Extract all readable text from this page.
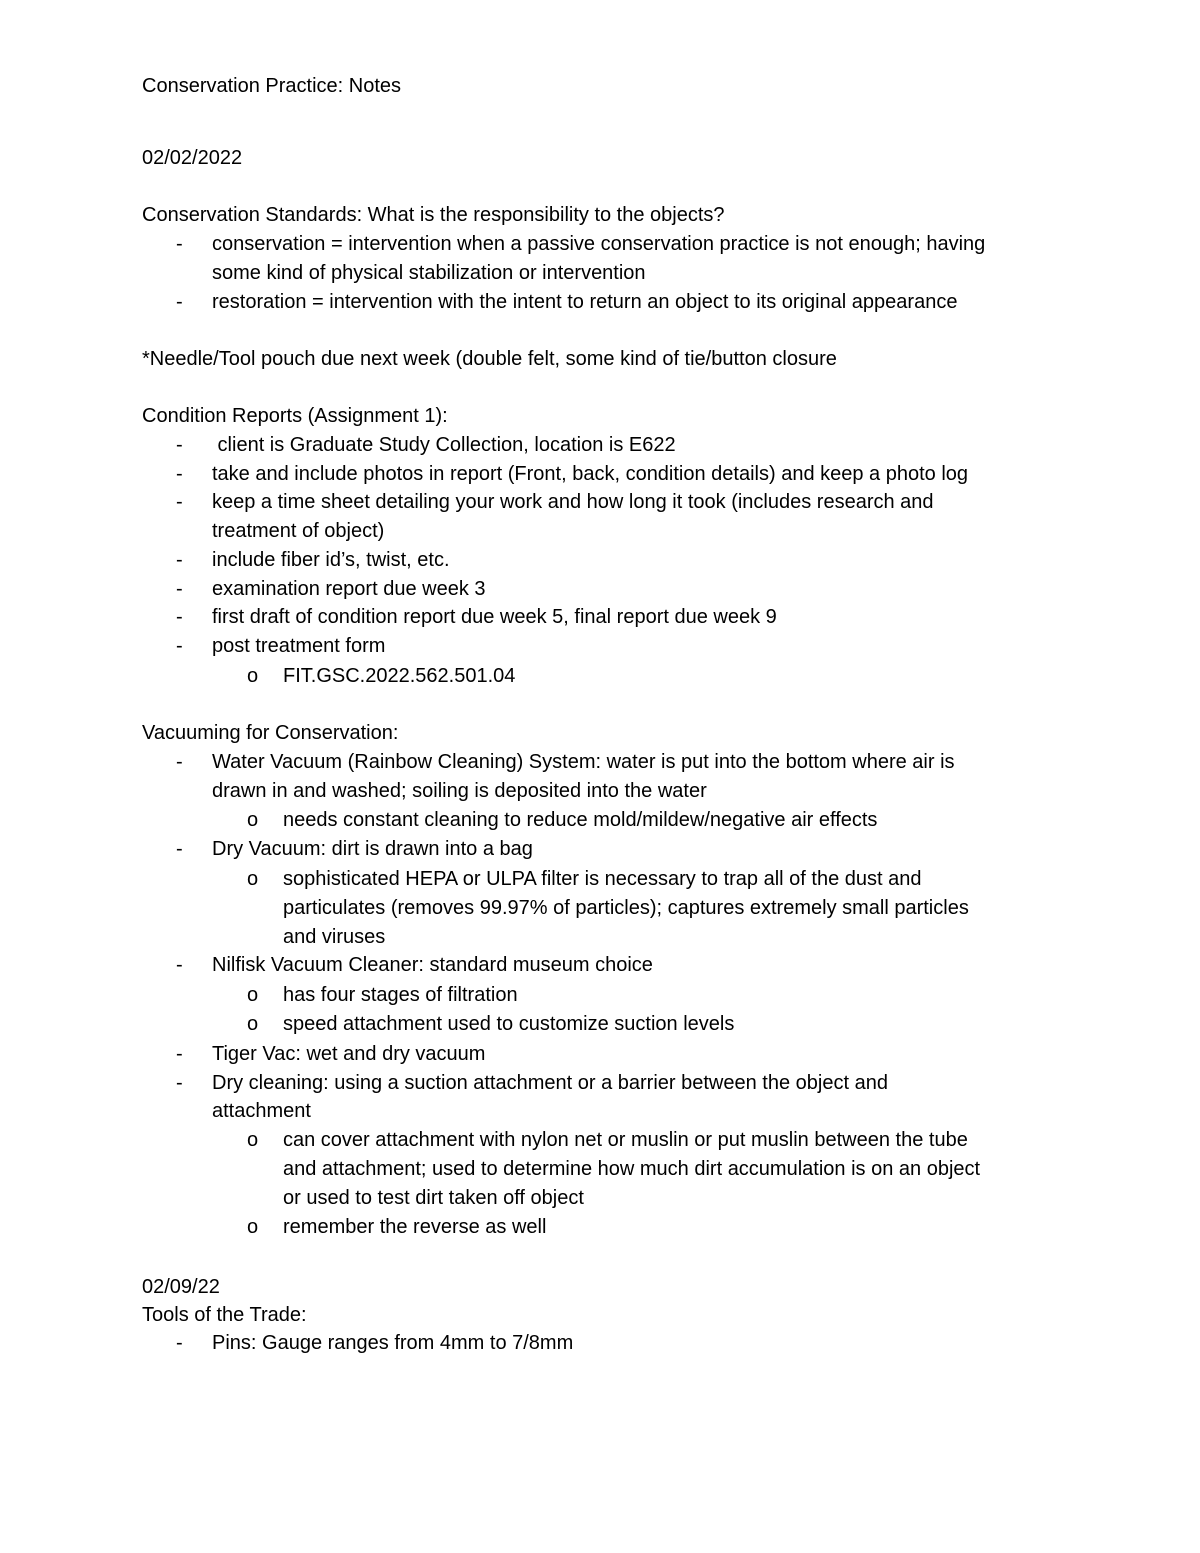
Conservation Practice: Notes
02/02/2022
Conservation Standards: What is the responsibility to the objects?
- conservation = intervention when a passive conservation practice is not enough; having
some kind of physical stabilization or intervention
- restoration = intervention with the intent to return an object to its original appearance
*Needle/Tool pouch due next week (double felt, some kind of tie/button closure
Condition Reports (Assignment 1):
- client is Graduate Study Collection, location is E622
- take and include photos in report (Front, back, condition details) and keep a photo log
- keep a time sheet detailing your work and how long it took (includes research and
treatment of object)
- include fiber id’s, twist, etc.
- examination report due week 3
- first draft of condition report due week 5, final report due week 9
- post treatment form
o FIT.GSC.2022.562.501.04
Vacuuming for Conservation:
- Water Vacuum (Rainbow Cleaning) System: water is put into the bottom where air is
drawn in and washed; soiling is deposited into the water
o needs constant cleaning to reduce mold/mildew/negative air effects
- Dry Vacuum: dirt is drawn into a bag
o sophisticated HEPA or ULPA filter is necessary to trap all of the dust and
particulates (removes 99.97% of particles); captures extremely small particles
and viruses
- Nilfisk Vacuum Cleaner: standard museum choice
o has four stages of filtration
o speed attachment used to customize suction levels
- Tiger Vac: wet and dry vacuum
- Dry cleaning: using a suction attachment or a barrier between the object and
attachment
o can cover attachment with nylon net or muslin or put muslin between the tube
and attachment; used to determine how much dirt accumulation is on an object
or used to test dirt taken off object
o remember the reverse as well
02/09/22
Tools of the Trade:
- Pins: Gauge ranges from 4mm to 7/8mm
